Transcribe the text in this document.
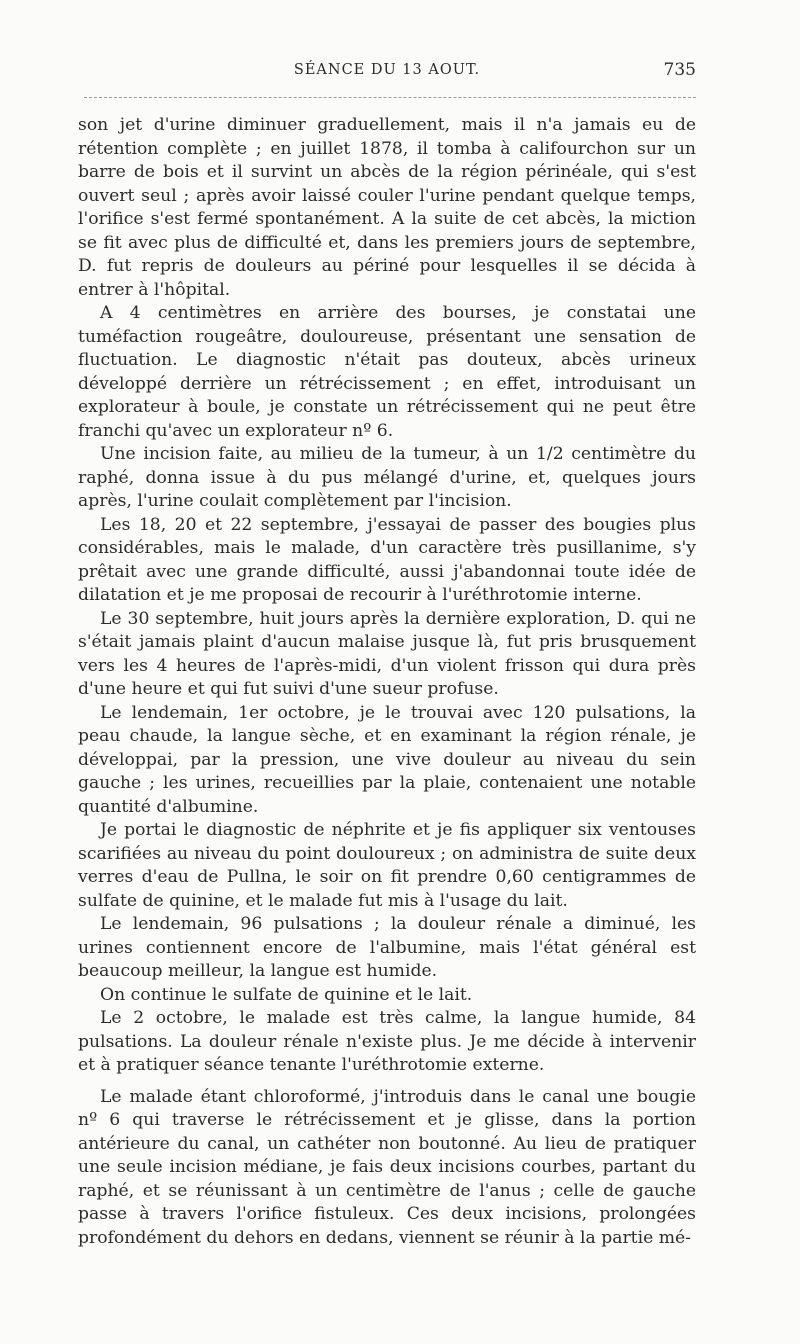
SÉANCE DU 13 AOUT.	735

son jet d'urine diminuer graduellement, mais il n'a jamais eu de rétention complète ; en juillet 1878, il tomba à califourchon sur un barre de bois et il survint un abcès de la région périnéale, qui s'est ouvert seul ; après avoir laissé couler l'urine pendant quelque temps, l'orifice s'est fermé spontanément. A la suite de cet abcès, la miction se fit avec plus de difficulté et, dans les premiers jours de septembre, D. fut repris de douleurs au périné pour lesquelles il se décida à entrer à l'hôpital.

A 4 centimètres en arrière des bourses, je constatai une tuméfaction rougeâtre, douloureuse, présentant une sensation de fluctuation. Le diagnostic n'était pas douteux, abcès urineux développé derrière un rétrécissement ; en effet, introduisant un explorateur à boule, je constate un rétrécissement qui ne peut être franchi qu'avec un explorateur nº 6.

Une incision faite, au milieu de la tumeur, à un 1/2 centimètre du raphé, donna issue à du pus mélangé d'urine, et, quelques jours après, l'urine coulait complètement par l'incision.

Les 18, 20 et 22 septembre, j'essayai de passer des bougies plus considérables, mais le malade, d'un caractère très pusillanime, s'y prêtait avec une grande difficulté, aussi j'abandonnai toute idée de dilatation et je me proposai de recourir à l'uréthrotomie interne.

Le 30 septembre, huit jours après la dernière exploration, D. qui ne s'était jamais plaint d'aucun malaise jusque là, fut pris brusquement vers les 4 heures de l'après-midi, d'un violent frisson qui dura près d'une heure et qui fut suivi d'une sueur profuse.

Le lendemain, 1er octobre, je le trouvai avec 120 pulsations, la peau chaude, la langue sèche, et en examinant la région rénale, je développai, par la pression, une vive douleur au niveau du sein gauche ; les urines, recueillies par la plaie, contenaient une notable quantité d'albumine.

Je portai le diagnostic de néphrite et je fis appliquer six ventouses scarifiées au niveau du point douloureux ; on administra de suite deux verres d'eau de Pullna, le soir on fit prendre 0,60 centigrammes de sulfate de quinine, et le malade fut mis à l'usage du lait.

Le lendemain, 96 pulsations ; la douleur rénale a diminué, les urines contiennent encore de l'albumine, mais l'état général est beaucoup meilleur, la langue est humide.

On continue le sulfate de quinine et le lait.

Le 2 octobre, le malade est très calme, la langue humide, 84 pulsations. La douleur rénale n'existe plus. Je me décide à intervenir et à pratiquer séance tenante l'uréthrotomie externe.

Le malade étant chloroformé, j'introduis dans le canal une bougie nº 6 qui traverse le rétrécissement et je glisse, dans la portion antérieure du canal, un cathéter non boutonné. Au lieu de pratiquer une seule incision médiane, je fais deux incisions courbes, partant du raphé, et se réunissant à un centimètre de l'anus ; celle de gauche passe à travers l'orifice fistuleux. Ces deux incisions, prolongées profondément du dehors en dedans, viennent se réunir à la partie mé-
